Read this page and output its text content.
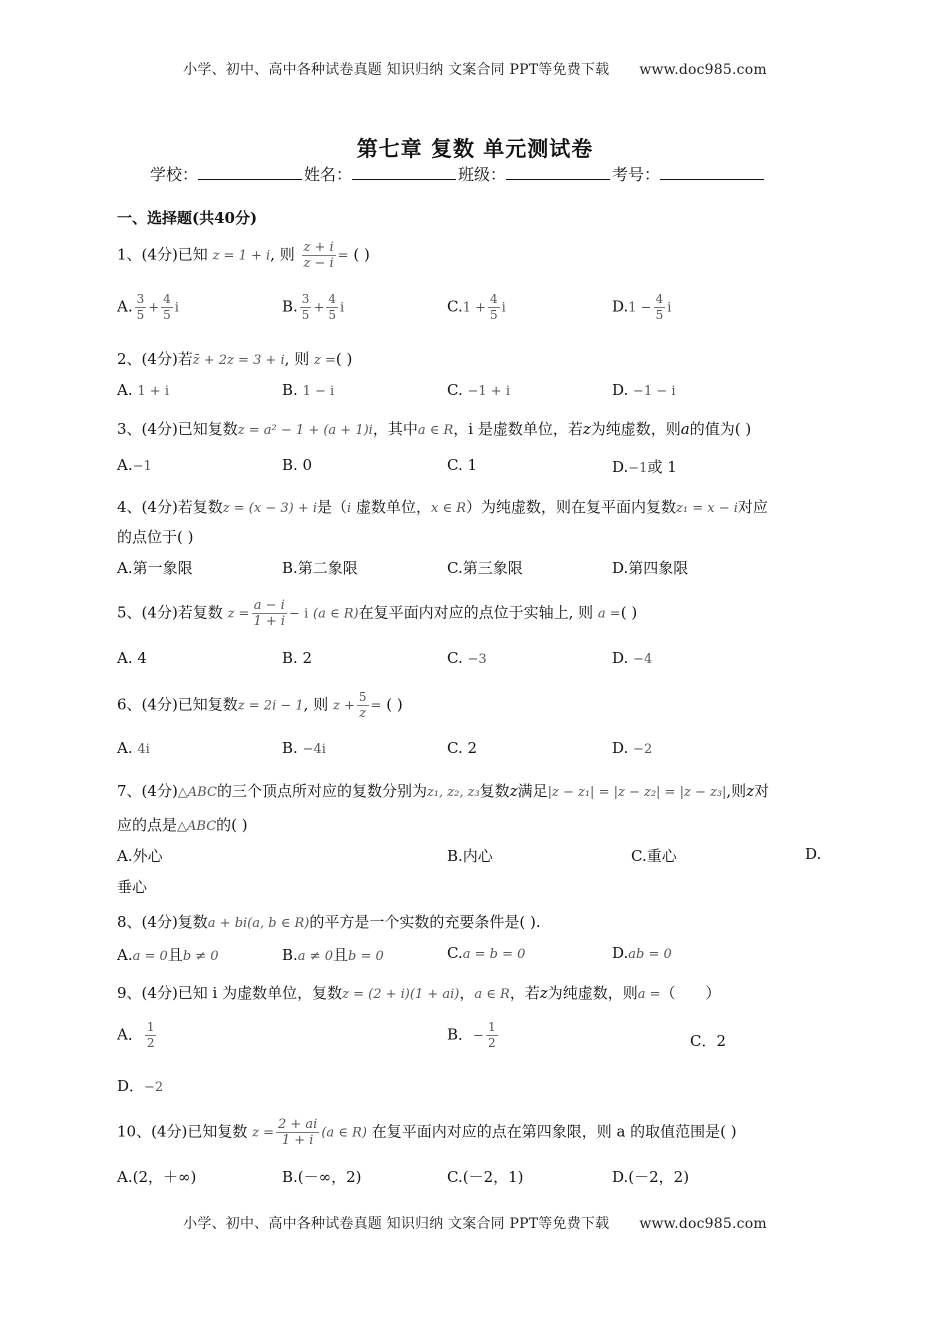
小学、初中、高中各种试卷真题 知识归纳 文案合同 PPT等免费下载 www.doc985.com
第七章 复数 单元测试卷
学校：	姓名：	班级：	考号：
一、选择题(共40分)
1、(4分)已知 z = 1 + i, 则 $\frac{z + i}{z - i}$ = ( )
A. $\frac{3}{5} + \frac{4}{5}$ i	B. $\frac{3}{5} + \frac{4}{5}$ i	$C.1 + \frac{4}{5}$ i	$D.1 - \frac{4}{5}$ i
2、(4分)若z̄ + 2z = 3 + i, 则 z =( )
A. 1 + i	B. 1 − i	C. −1 + i	D. −1 − i
3、(4分)已知复数z = a² − 1 + (a + 1)i，其中a ∈ R，i 是虚数单位，若z为纯虚数，则a的值为( )
A.−1	B. 0	C. 1	D.−1或 1
4、(4分)若复数z = (x − 3) + i是（i 虚数单位，x ∈ R）为纯虚数，则在复平面内复数z₁ = x − i对应
的点位于( )
A.第一象限	B.第二象限	C.第三象限	D.第四象限
5、(4分)若复数 $z = \frac{a - i}{1 + i} - i$ (a ∈ R)在复平面内对应的点位于实轴上, 则 a =( )
A. 4	B. 2	C. −3	D. −4
6、(4分)已知复数z = 2i − 1, 则 $z + \frac{5}{z}$ = ( )
A. 4i	B. −4i	C. 2	D. −2
7、(4分)△ABC的三个顶点所对应的复数分别为z₁, z₂, z₃复数z满足|z − z₁| = |z − z₂| = |z − z₃|,则z对
应的点是△ABC的( )
A.外心	B.内心	C.重心	D.
垂心
8、(4分)复数a + bi(a, b ∈ R)的平方是一个实数的充要条件是( ).
A.a = 0且b ≠ 0	B.a ≠ 0且b = 0	C.a = b = 0	D.ab = 0
9、(4分)已知 i 为虚数单位，复数z = (2 + i)(1 + ai)，a ∈ R，若z为纯虚数，则a =（　　）
A． $\frac{1}{2}$	B．− $\frac{1}{2}$	C．2
D．−2
10、(4分)已知复数 $z = \frac{2 + ai}{1 + i} (a$ ∈ R) 在复平面内对应的点在第四象限，则 a 的取值范围是( )
A.(2，＋∞)	B.(－∞，2)	C.(－2，1)	D.(－2，2)
小学、初中、高中各种试卷真题 知识归纳 文案合同 PPT等免费下载 www.doc985.com
